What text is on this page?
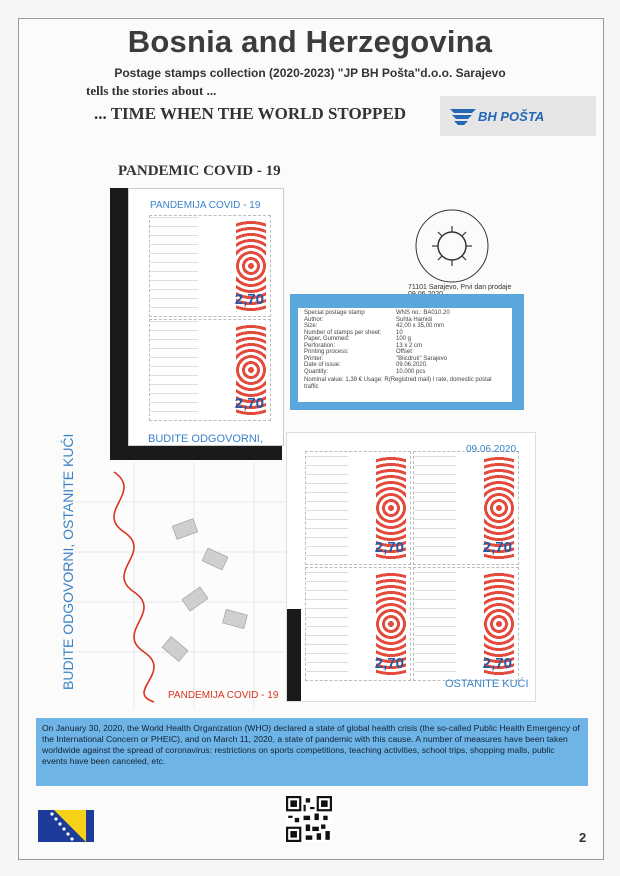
Bosnia and Herzegovina
Postage stamps collection (2020-2023) "JP BH Pošta"d.o.o. Sarajevo
tells the stories about ...
... TIME WHEN THE WORLD STOPPED	BH POŠTA
PANDEMIC COVID - 19
2,70
2,70
PANDEMIJA COVID - 19
BUDITE ODGOVORNI,
71101 Sarajevo, Prvi dan prodaje
Special postage stamp	WNS no.: BA010.20
Author:	Suhta Hamidi
Size:	42,00 x 35,00 mm
Number of stamps per sheet:	10
Paper, Gummed:	100 g
Perforation:	13 x 2 cm
Printing process:	Offset
Printer:	"Blicdruk" Sarajevo
Date of issue:	09.06.2020.
Quantity:	10.000 pcs
Nominal value: 1,38 € Usage: R(Registred mail) I rate, domestic postal traffic
BUDITE ODGOVORNI, OSTANITE KUĆI
PANDEMIJA COVID - 19
2,70	2,70
2,70	2,70
09.06.2020.
OSTANITE KUĆI
On January 30, 2020, the World Health Organization (WHO) declared a state of global health crisis (the so-called Public Health Emergency of the International Concern or PHEIC), and on March 11, 2020, a state of pandemic with this cause. A number of measures have been taken worldwide against the spread of coronavirus: restrictions on sports competitions, teaching activities, school trips, shopping malls, public events have been canceled, etc.
2
